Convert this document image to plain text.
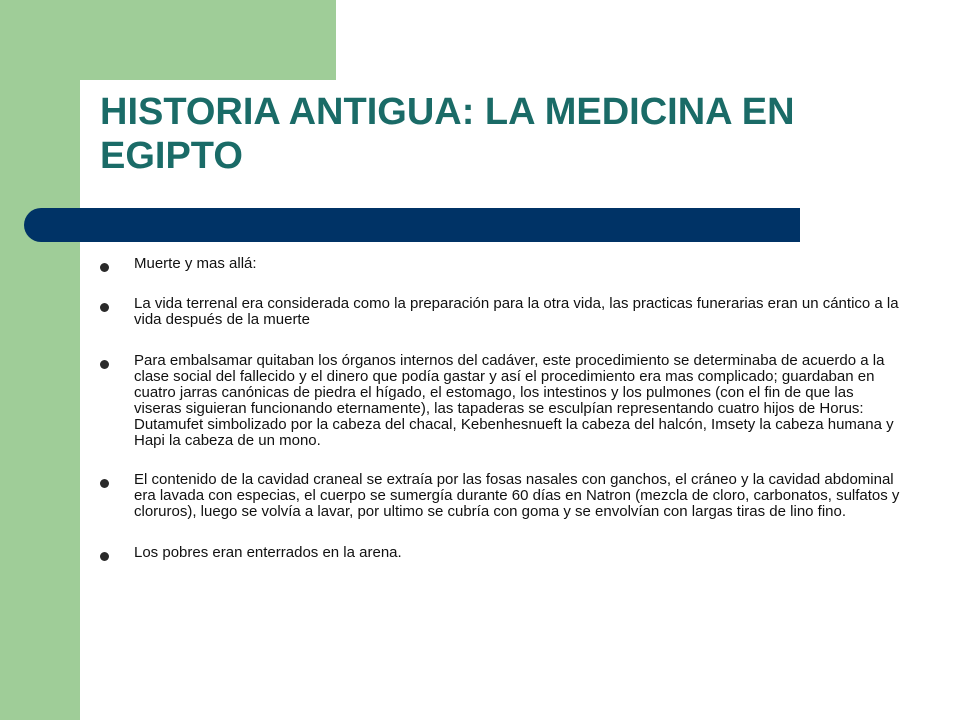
HISTORIA ANTIGUA: LA MEDICINA EN EGIPTO
Muerte y mas allá:
La vida terrenal era considerada como la preparación para la otra vida, las practicas funerarias eran un cántico a la vida después de la muerte
Para embalsamar quitaban los órganos internos del cadáver, este procedimiento se determinaba de acuerdo a la clase social del fallecido y el dinero que podía gastar y así el procedimiento era mas complicado; guardaban en cuatro jarras canónicas de piedra el hígado, el estomago, los intestinos y los pulmones (con el fin de que las viseras siguieran funcionando eternamente), las tapaderas se esculpían representando cuatro hijos de Horus: Dutamufet simbolizado por la cabeza del chacal, Kebenhesnueft la cabeza del halcón, Imsety la cabeza humana y Hapi la cabeza de un mono.
El contenido de la cavidad craneal se extraía por las fosas nasales con ganchos, el cráneo y la cavidad abdominal era lavada con especias, el cuerpo se sumergía durante 60 días en Natron (mezcla de cloro, carbonatos, sulfatos y cloruros), luego se volvía a lavar, por ultimo se cubría con goma y se envolvían con largas tiras de lino fino.
Los pobres eran enterrados en la arena.
